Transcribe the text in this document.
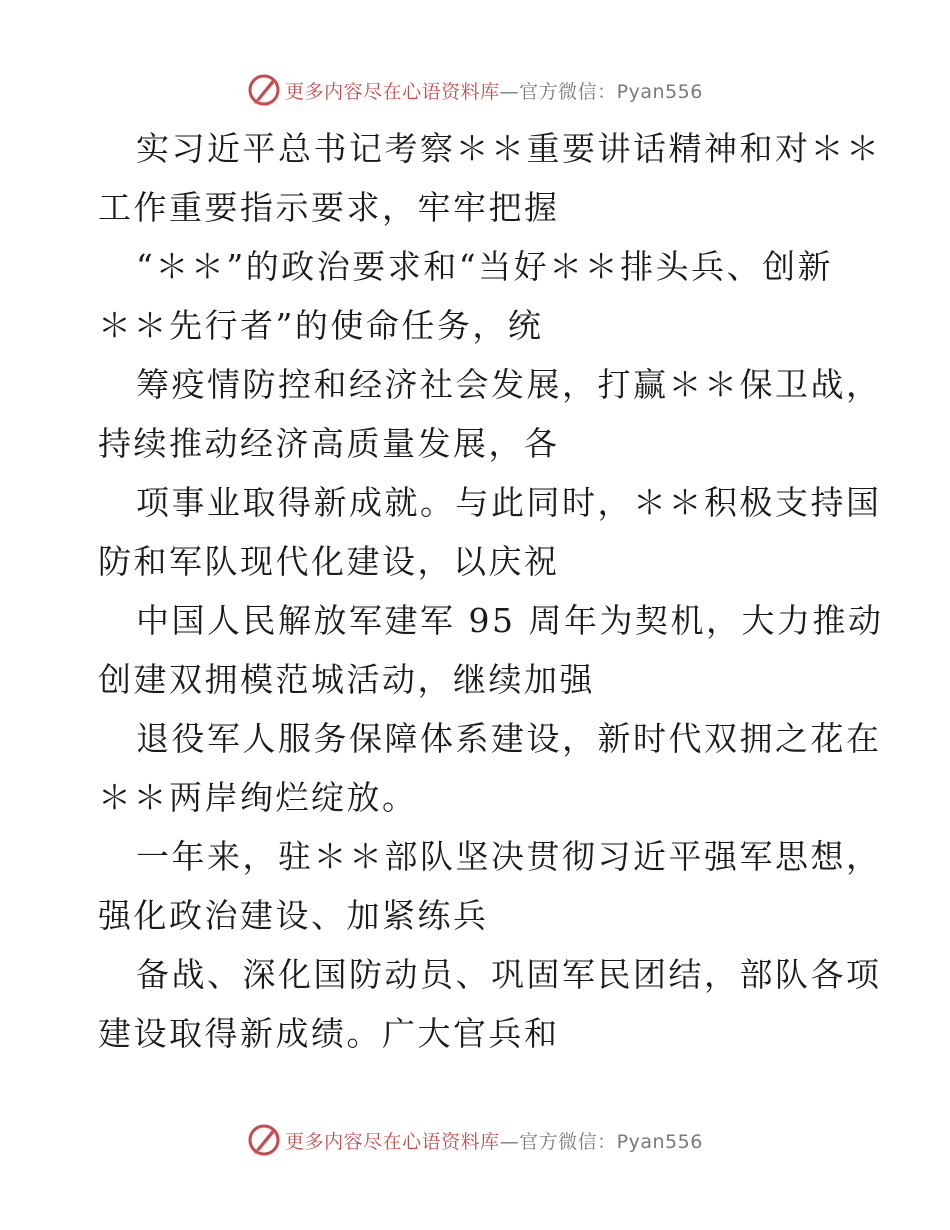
更多内容尽在心语资料库—官方微信：Pyan556
实习近平总书记考察＊＊重要讲话精神和对＊＊
工作重要指示要求，牢牢把握
“＊＊”的政治要求和“当好＊＊排头兵、创新
＊＊先行者”的使命任务，统
筹疫情防控和经济社会发展，打赢＊＊保卫战，
持续推动经济高质量发展，各
项事业取得新成就。与此同时，＊＊积极支持国
防和军队现代化建设，以庆祝
中国人民解放军建军 95 周年为契机，大力推动
创建双拥模范城活动，继续加强
退役军人服务保障体系建设，新时代双拥之花在
＊＊两岸绚烂绽放。
一年来，驻＊＊部队坚决贯彻习近平强军思想，
强化政治建设、加紧练兵
备战、深化国防动员、巩固军民团结，部队各项
建设取得新成绩。广大官兵和
更多内容尽在心语资料库—官方微信：Pyan556
